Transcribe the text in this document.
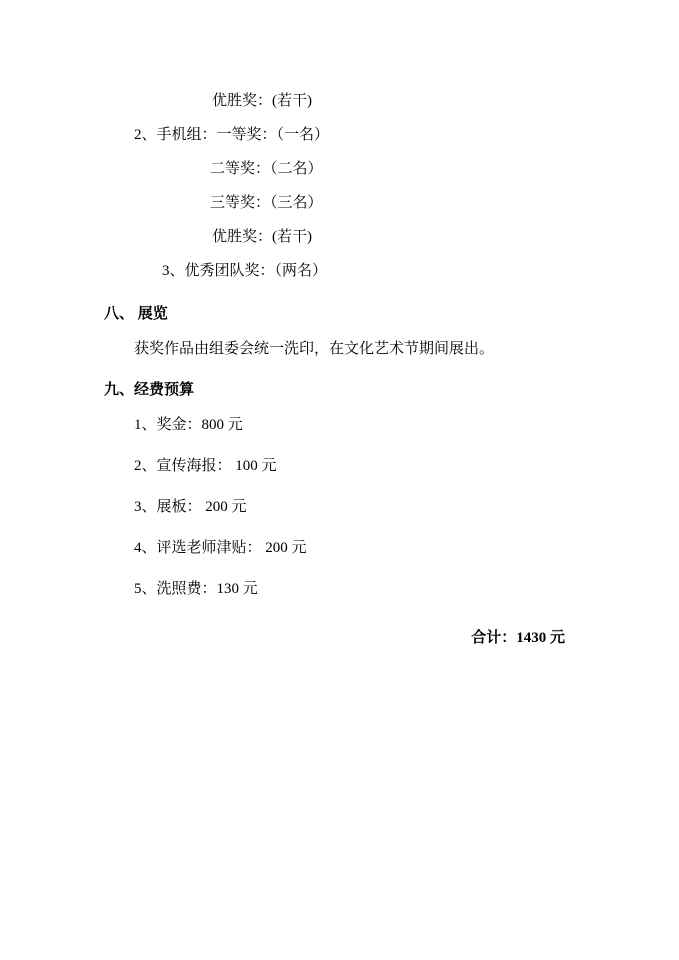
优胜奖：(若干)
2、手机组：一等奖：（一名）
二等奖：（二名）
三等奖：（三名）
优胜奖：(若干)
3、优秀团队奖：（两名）
八、 展览
获奖作品由组委会统一洗印，在文化艺术节期间展出。
九、经费预算
1、奖金：800 元
2、宣传海报： 100 元
3、展板： 200 元
4、评选老师津贴： 200 元
5、洗照费：130 元
合计：1430 元
